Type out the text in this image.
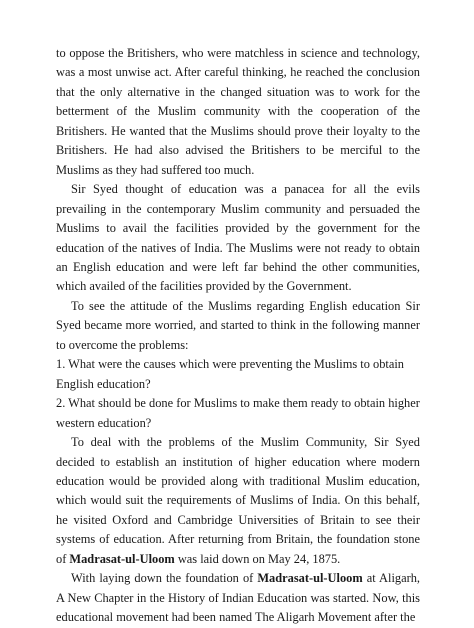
to oppose the Britishers, who were matchless in science and technology, was a most unwise act. After careful thinking, he reached the conclusion that the only alternative in the changed situation was to work for the betterment of the Muslim community with the cooperation of the Britishers. He wanted that the Muslims should prove their loyalty to the Britishers. He had also advised the Britishers to be merciful to the Muslims as they had suffered too much.

Sir Syed thought of education was a panacea for all the evils prevailing in the contemporary Muslim community and persuaded the Muslims to avail the facilities provided by the government for the education of the natives of India. The Muslims were not ready to obtain an English education and were left far behind the other communities, which availed of the facilities provided by the Government.

To see the attitude of the Muslims regarding English education Sir Syed became more worried, and started to think in the following manner to overcome the problems:

1. What were the causes which were preventing the Muslims to obtain English education?

2. What should be done for Muslims to make them ready to obtain higher western education?

To deal with the problems of the Muslim Community, Sir Syed decided to establish an institution of higher education where modern education would be provided along with traditional Muslim education, which would suit the requirements of Muslims of India. On this behalf, he visited Oxford and Cambridge Universities of Britain to see their systems of education. After returning from Britain, the foundation stone of Madrasat-ul-Uloom was laid down on May 24, 1875.

With laying down the foundation of Madrasat-ul-Uloom at Aligarh, A New Chapter in the History of Indian Education was started. Now, this educational movement had been named The Aligarh Movement after the
